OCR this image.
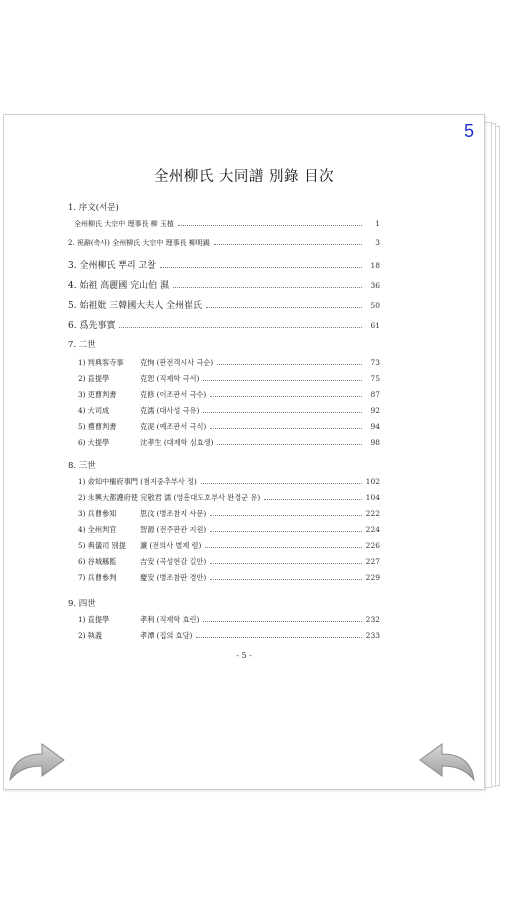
5
全州柳氏 大同譜 別錄 目次
1. 序文(서문)
全州柳氏 大宗中 理事長 柳 玉植	1
2. 祝辭(축사) 全州柳氏 大宗中 理事長 柳明錫	3
3. 全州柳氏 뿌리 고찰	18
4. 始祖 高麗國 完山伯 濕	36
5. 始祖妣 三韓國大夫人 全州崔氏	50
6. 爲先事實	61
7. 二世
1) 判典客寺事 克恂 (판전객시사 극순)	73
2) 直提學	克恕 (직제학 극서)	75
3) 吏曹判書	克修 (이조판서 극수)	87
4) 大司成	克濡 (대사성 극유)	92
5) 禮曹判書	克湜 (예조판서 극식)	94
6) 大提學	沈孝生 (대제학 심효생)	98
8. 三世
1) 僉知中樞府事門 (첨지중추부사 정)	102
2) 永興大都護府使 完敬君 濡 (영흥대도호부사 완경군 유)	104
3) 兵曹參知	思汶 (병조참지 사문)	222
4) 全州判官	智源 (전주판관 지원)	224
5) 典儀司 別提 濂 (전의사 별제 렴)	226
6) 谷城縣監	吉安 (곡성현감 길안)	227
7) 兵曹參判	慶安 (병조참판 경안)	229
9. 四世
1) 直提學	孝利 (직제학 효린)	232
2) 執義	孝潭 (집의 효담)	233
- 5 -
